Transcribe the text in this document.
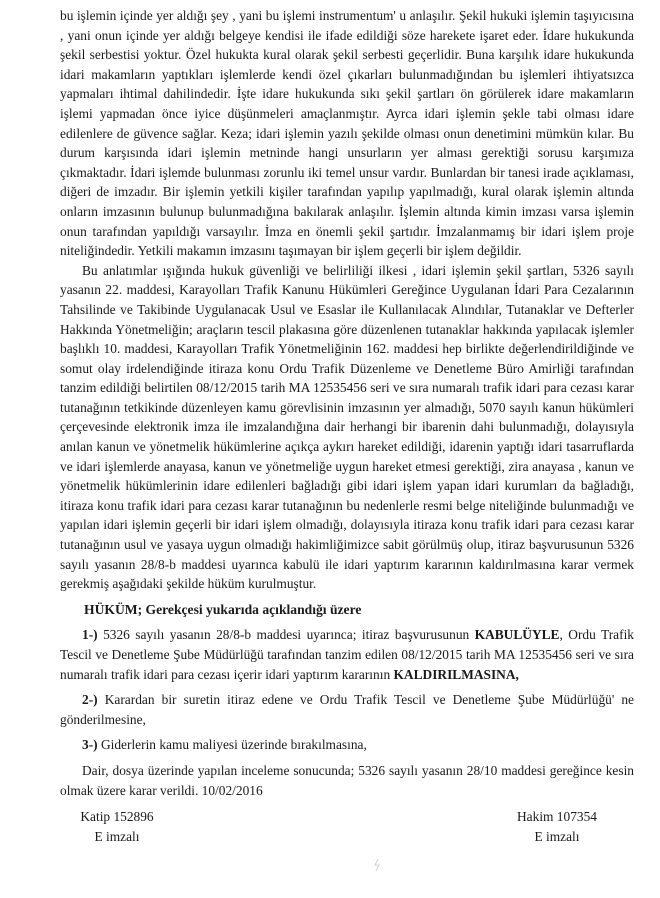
bu işlemin içinde yer aldığı şey , yani bu işlemi instrumentum' u anlaşılır. Şekil hukuki işlemin taşıyıcısına , yani onun içinde yer aldığı belgeye kendisi ile ifade edildiği söze harekete işaret eder. İdare hukukunda şekil serbestisi yoktur. Özel hukukta kural olarak şekil serbesti geçerlidir. Buna karşılık idare hukukunda idari makamların yaptıkları işlemlerde kendi özel çıkarları bulunmadığından bu işlemleri ihtiyatsızca yapmaları ihtimal dahilindedir. İşte idare hukukunda sıkı şekil şartları ön görülerek idare makamların işlemi yapmadan önce iyice düşünmeleri amaçlanmıştır. Ayrca idari işlemin şekle tabi olması idare edilenlere de güvence sağlar. Keza; idari işlemin yazılı şekilde olması onun denetimini mümkün kılar. Bu durum karşısında idari işlemin metninde hangi unsurların yer alması gerektiği sorusu karşımıza çıkmaktadır. İdari işlemde bulunması zorunlu iki temel unsur vardır. Bunlardan bir tanesi irade açıklaması, diğeri de imzadır. Bir işlemin yetkili kişiler tarafından yapılıp yapılmadığı, kural olarak işlemin altında onların imzasının bulunup bulunmadığına bakılarak anlaşılır. İşlemin altında kimin imzası varsa işlemin onun tarafından yapıldığı varsayılır. İmza en önemli şekil şartıdır. İmzalanmamış bir idari işlem proje niteliğindedir. Yetkili makamın imzasını taşımayan bir işlem geçerli bir işlem değildir.

Bu anlatımlar ışığında hukuk güvenliği ve belirliliği ilkesi , idari işlemin şekil şartları, 5326 sayılı yasanın 22. maddesi, Karayolları Trafik Kanunu Hükümleri Gereğince Uygulanan İdari Para Cezalarının Tahsilinde ve Takibinde Uygulanacak Usul ve Esaslar ile Kullanılacak Alındılar, Tutanaklar ve Defterler Hakkında Yönetmeliğin; araçların tescil plakasına göre düzenlenen tutanaklar hakkında yapılacak işlemler başlıklı 10. maddesi, Karayolları Trafik Yönetmeliğinin 162. maddesi hep birlikte değerlendirildiğinde ve somut olay irdelendiğinde itiraza konu Ordu Trafik Düzenleme ve Denetleme Büro Amirliği tarafından tanzim edildiği belirtilen 08/12/2015 tarih MA 12535456 seri ve sıra numaralı trafik idari para cezası karar tutanağının tetkikinde düzenleyen kamu görevlisinin imzasının yer almadığı, 5070 sayılı kanun hükümleri çerçevesinde elektronik imza ile imzalandığına dair herhangi bir ibarenin dahi bulunmadığı, dolayısıyla anılan kanun ve yönetmelik hükümlerine açıkça aykırı hareket edildiği, idarenin yaptığı idari tasarruflarda ve idari işlemlerde anayasa, kanun ve yönetmeliğe uygun hareket etmesi gerektiği, zira anayasa , kanun ve yönetmelik hükümlerinin idare edilenleri bağladığı gibi idari işlem yapan idari kurumları da bağladığı, itiraza konu trafik idari para cezası karar tutanağının bu nedenlerle resmi belge niteliğinde bulunmadığı ve yapılan idari işlemin geçerli bir idari işlem olmadığı, dolayısıyla itiraza konu trafik idari para cezası karar tutanağının usul ve yasaya uygun olmadığı hakimliğimizce sabit görülmüş olup, itiraz başvurusunun 5326 sayılı yasanın 28/8-b maddesi uyarınca kabulü ile idari yaptırım kararının kaldırılmasına karar vermek gerekmiş aşağıdaki şekilde hüküm kurulmuştur.

HÜKÜM; Gerekçesi yukarıda açıklandığı üzere

1-) 5326 sayılı yasanın 28/8-b maddesi uyarınca; itiraz başvurusunun KABULÜYLE, Ordu Trafik Tescil ve Denetleme Şube Müdürlüğü tarafından tanzim edilen 08/12/2015 tarih MA 12535456 seri ve sıra numaralı trafik idari para cezası içerir idari yaptırım kararının KALDIRILMASINA,

2-) Karardan bir suretin itiraz edene ve Ordu Trafik Tescil ve Denetleme Şube Müdürlüğü' ne gönderilmesine,

3-) Giderlerin kamu maliyesi üzerinde bırakılmasına,

Dair, dosya üzerinde yapılan inceleme sonucunda; 5326 sayılı yasanın 28/10 maddesi gereğince kesin olmak üzere karar verildi. 10/02/2016

Katip 152896
E imzalı
Hakim 107354
E imzalı
